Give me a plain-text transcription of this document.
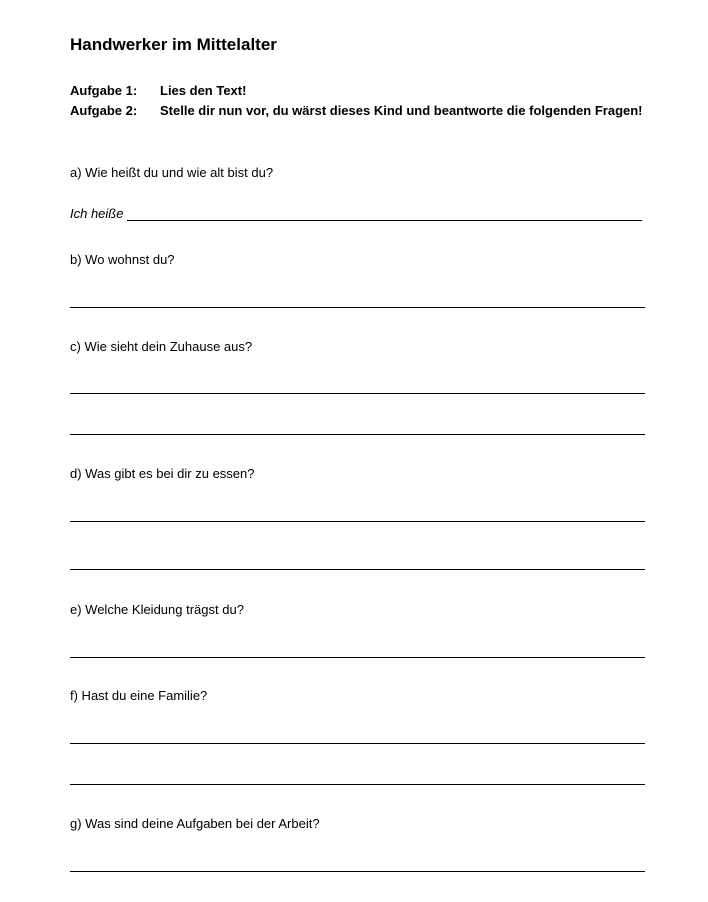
Handwerker im Mittelalter
Aufgabe 1: Lies den Text!
Aufgabe 2: Stelle dir nun vor, du wärst dieses Kind und beantworte die folgenden Fragen!
a) Wie heißt du und wie alt bist du?
Ich heiße
b) Wo wohnst du?
c) Wie sieht dein Zuhause aus?
d) Was gibt es bei dir zu essen?
e) Welche Kleidung trägst du?
f) Hast du eine Familie?
g) Was sind deine Aufgaben bei der Arbeit?
